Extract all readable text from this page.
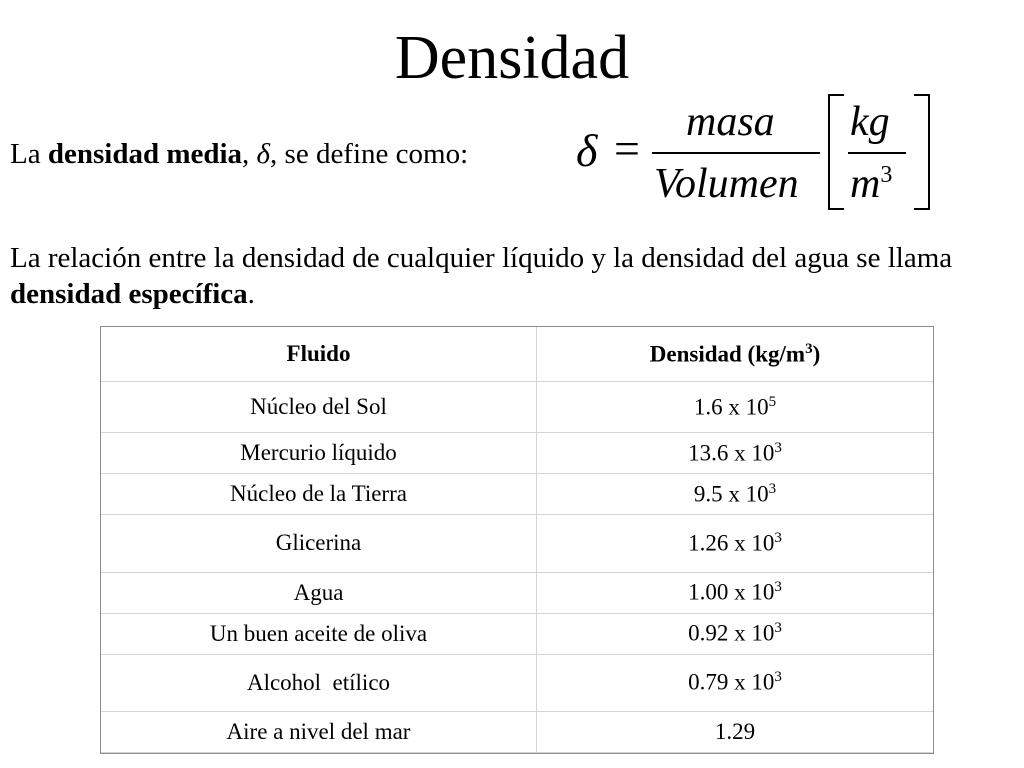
Densidad
La densidad media, δ, se define como: δ =
masa
Volumen
kg
$m^3$
La relación entre la densidad de cualquier líquido y la densidad del agua se llama densidad específica.
Fluido	Densidad $(kg/m^3)$
Núcleo del Sol	1.6 x $10^5$
Mercurio líquido	13.6 x $10^3$
Núcleo de la Tierra	9.5 x $10^3$
Glicerina	1.26 x $10^3$
Agua	1.00 x $10^3$
Un buen aceite de oliva	0.92 x $10^3$
Alcohol  etílico	0.79 x $10^3$
Aire a nivel del mar	1.29
